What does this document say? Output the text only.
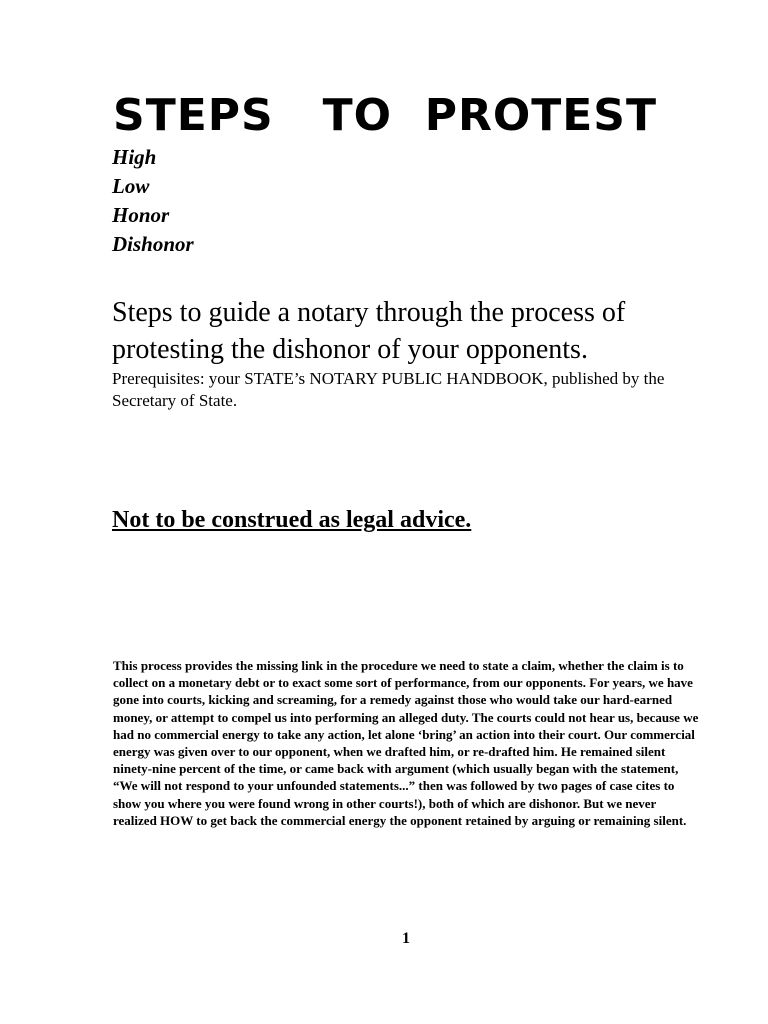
STEPS   TO  PROTEST
High
Low
Honor
Dishonor

Steps to guide a notary through the process of protesting the dishonor of your opponents.

Prerequisites: your STATE’s NOTARY PUBLIC HANDBOOK, published by the Secretary of State.

Not to be construed as legal advice.

This process provides the missing link in the procedure we need to state a claim, whether the claim is to collect on a monetary debt or to exact some sort of performance, from our opponents. For years, we have gone into courts, kicking and screaming, for a remedy against those who would take our hard-earned money, or attempt to compel us into performing an alleged duty. The courts could not hear us, because we had no commercial energy to take any action, let alone ‘bring’ an action into their court. Our commercial energy was given over to our opponent, when we drafted him, or re-drafted him. He remained silent ninety-nine percent of the time, or came back with argument (which usually began with the statement, “We will not respond to your unfounded statements...” then was followed by two pages of case cites to show you where you were found wrong in other courts!), both of which are dishonor. But we never realized HOW to get back the commercial energy the opponent retained by arguing or remaining silent.

1
